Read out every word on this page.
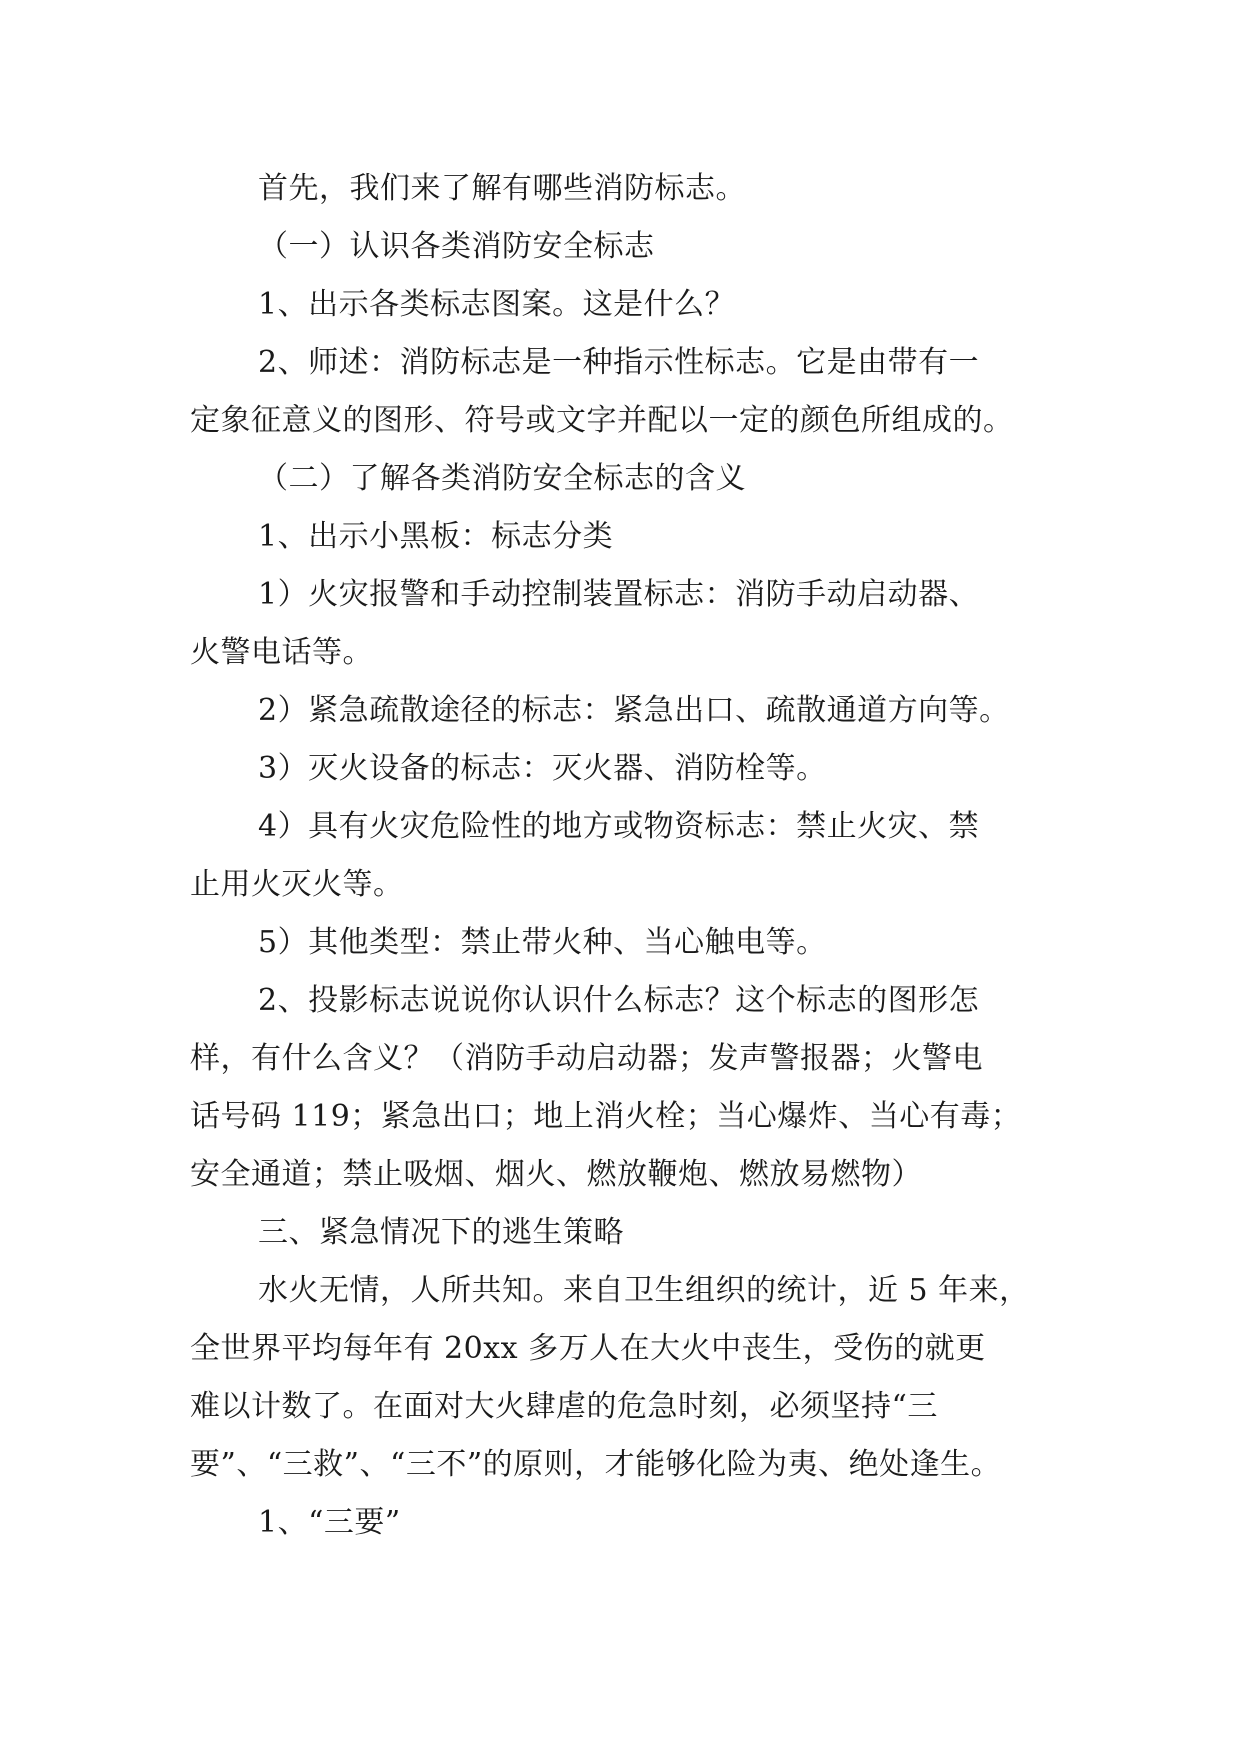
首先，我们来了解有哪些消防标志。
（一）认识各类消防安全标志
1、出示各类标志图案。这是什么？
2、师述：消防标志是一种指示性标志。它是由带有一
定象征意义的图形、符号或文字并配以一定的颜色所组成的。
（二）了解各类消防安全标志的含义
1、出示小黑板：标志分类
1）火灾报警和手动控制装置标志：消防手动启动器、
火警电话等。
2）紧急疏散途径的标志：紧急出口、疏散通道方向等。
3）灭火设备的标志：灭火器、消防栓等。
4）具有火灾危险性的地方或物资标志：禁止火灾、禁
止用火灭火等。
5）其他类型：禁止带火种、当心触电等。
2、投影标志说说你认识什么标志？这个标志的图形怎
样，有什么含义？（消防手动启动器；发声警报器；火警电
话号码 119；紧急出口；地上消火栓；当心爆炸、当心有毒；
安全通道；禁止吸烟、烟火、燃放鞭炮、燃放易燃物）
三、紧急情况下的逃生策略
水火无情，人所共知。来自卫生组织的统计，近 5 年来，
全世界平均每年有 20xx 多万人在大火中丧生，受伤的就更
难以计数了。在面对大火肆虐的危急时刻，必须坚持“三
要”、“三救”、“三不”的原则，才能够化险为夷、绝处逢生。
1、“三要”
